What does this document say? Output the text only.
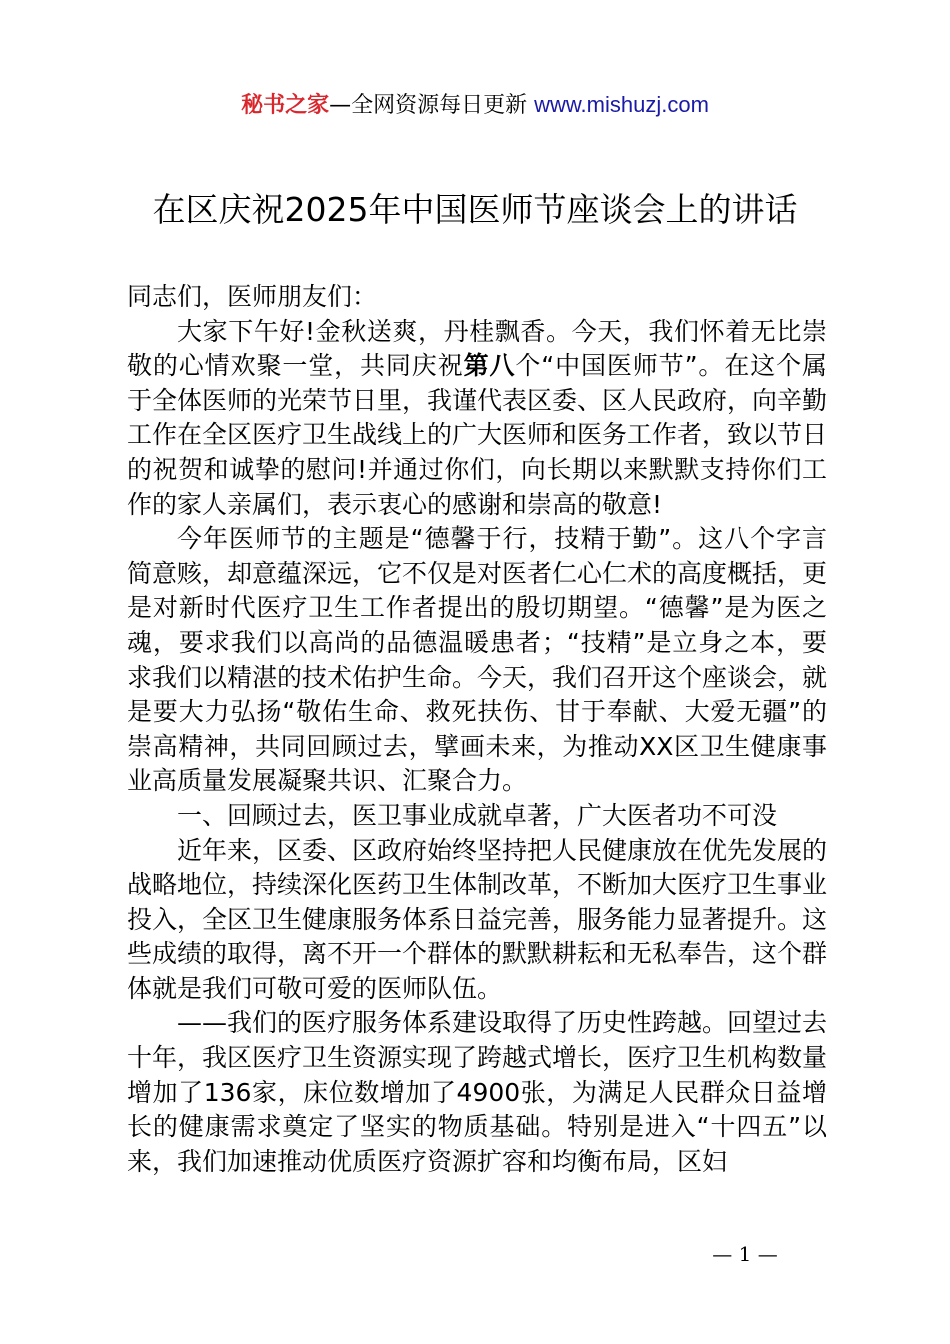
秘书之家—全网资源每日更新 www.mishuzj.com
在区庆祝2025年中国医师节座谈会上的讲话

同志们，医师朋友们：

大家下午好!金秋送爽，丹桂飘香。今天，我们怀着无比崇敬的心情欢聚一堂，共同庆祝第八个“中国医师节”。在这个属于全体医师的光荣节日里，我谨代表区委、区人民政府，向辛勤工作在全区医疗卫生战线上的广大医师和医务工作者，致以节日的祝贺和诚挚的慰问!并通过你们，向长期以来默默支持你们工作的家人亲属们，表示衷心的感谢和崇高的敬意!

今年医师节的主题是“德馨于行，技精于勤”。这八个字言简意赅，却意蕴深远，它不仅是对医者仁心仁术的高度概括，更是对新时代医疗卫生工作者提出的殷切期望。“德馨”是为医之魂，要求我们以高尚的品德温暖患者；“技精”是立身之本，要求我们以精湛的技术佑护生命。今天，我们召开这个座谈会，就是要大力弘扬“敬佑生命、救死扶伤、甘于奉献、大爱无疆”的崇高精神，共同回顾过去，擘画未来，为推动XX区卫生健康事业高质量发展凝聚共识、汇聚合力。

一、回顾过去，医卫事业成就卓著，广大医者功不可没

近年来，区委、区政府始终坚持把人民健康放在优先发展的战略地位，持续深化医药卫生体制改革，不断加大医疗卫生事业投入，全区卫生健康服务体系日益完善，服务能力显著提升。这些成绩的取得，离不开一个群体的默默耕耘和无私奉告，这个群体就是我们可敬可爱的医师队伍。

——我们的医疗服务体系建设取得了历史性跨越。回望过去十年，我区医疗卫生资源实现了跨越式增长，医疗卫生机构数量增加了136家，床位数增加了4900张，为满足人民群众日益增长的健康需求奠定了坚实的物质基础。特别是进入“十四五”以来，我们加速推动优质医疗资源扩容和均衡布局，区妇

— 1 —
